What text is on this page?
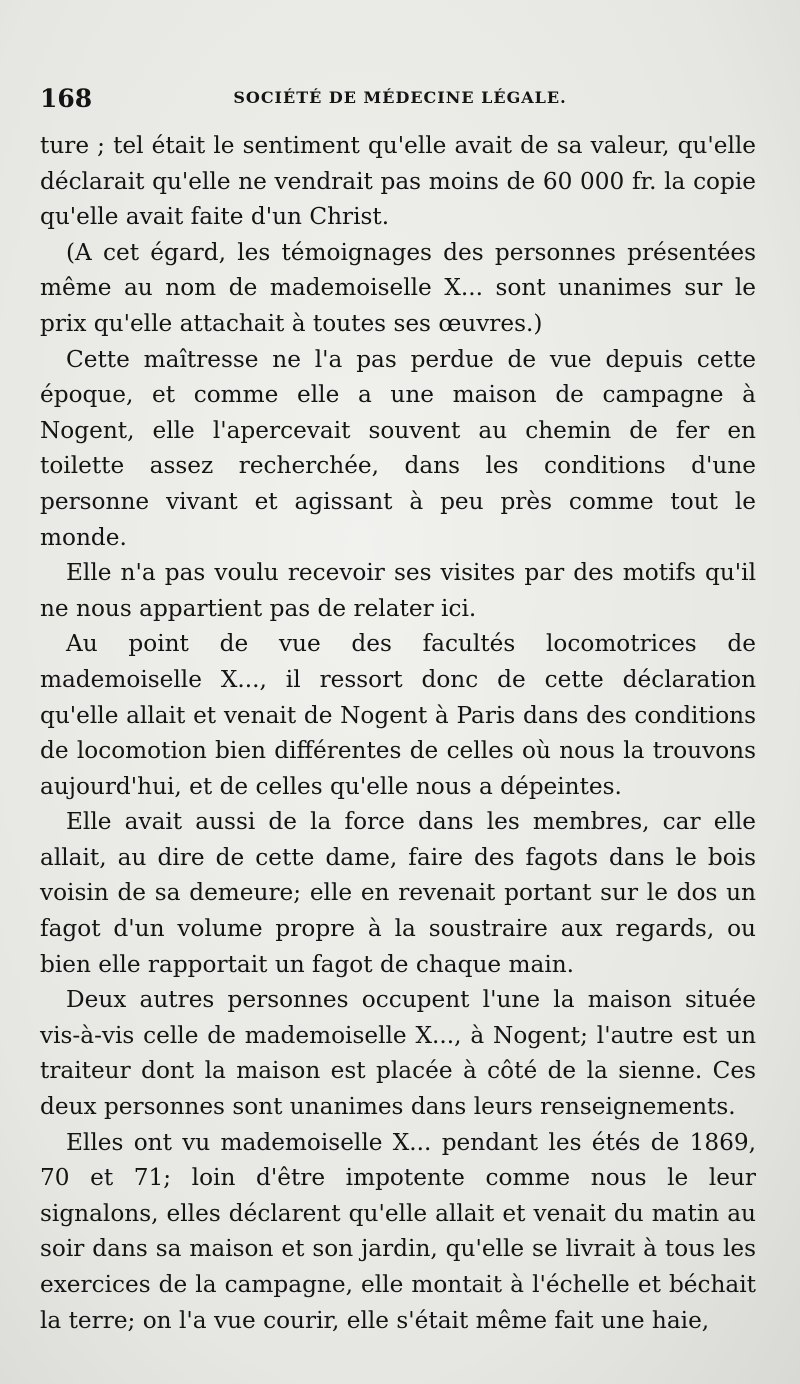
168	SOCIÉTÉ DE MÉDECINE LÉGALE.

ture ; tel était le sentiment qu'elle avait de sa valeur, qu'elle déclarait qu'elle ne vendrait pas moins de 60 000 fr. la copie qu'elle avait faite d'un Christ.

(A cet égard, les témoignages des personnes présentées même au nom de mademoiselle X... sont unanimes sur le prix qu'elle attachait à toutes ses œuvres.)

Cette maîtresse ne l'a pas perdue de vue depuis cette époque, et comme elle a une maison de campagne à Nogent, elle l'apercevait souvent au chemin de fer en toilette assez recherchée, dans les conditions d'une personne vivant et agissant à peu près comme tout le monde.

Elle n'a pas voulu recevoir ses visites par des motifs qu'il ne nous appartient pas de relater ici.

Au point de vue des facultés locomotrices de mademoiselle X..., il ressort donc de cette déclaration qu'elle allait et venait de Nogent à Paris dans des conditions de locomotion bien différentes de celles où nous la trouvons aujourd'hui, et de celles qu'elle nous a dépeintes.

Elle avait aussi de la force dans les membres, car elle allait, au dire de cette dame, faire des fagots dans le bois voisin de sa demeure; elle en revenait portant sur le dos un fagot d'un volume propre à la soustraire aux regards, ou bien elle rapportait un fagot de chaque main.

Deux autres personnes occupent l'une la maison située vis-à-vis celle de mademoiselle X..., à Nogent; l'autre est un traiteur dont la maison est placée à côté de la sienne. Ces deux personnes sont unanimes dans leurs renseignements.

Elles ont vu mademoiselle X... pendant les étés de 1869, 70 et 71; loin d'être impotente comme nous le leur signalons, elles déclarent qu'elle allait et venait du matin au soir dans sa maison et son jardin, qu'elle se livrait à tous les exercices de la campagne, elle montait à l'échelle et béchait la terre; on l'a vue courir, elle s'était même fait une haie,
